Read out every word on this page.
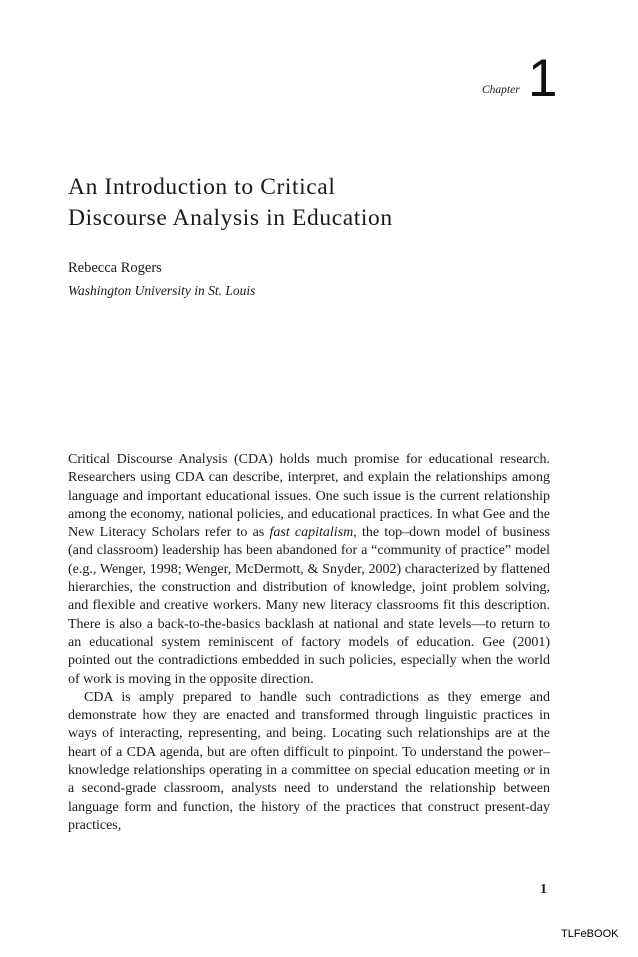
Chapter 1
An Introduction to Critical
Discourse Analysis in Education
Rebecca Rogers
Washington University in St. Louis

Critical Discourse Analysis (CDA) holds much promise for educational research. Researchers using CDA can describe, interpret, and explain the relationships among language and important educational issues. One such issue is the current relationship among the economy, national policies, and educational practices. In what Gee and the New Literacy Scholars refer to as fast capitalism, the top–down model of business (and classroom) leadership has been abandoned for a “community of practice” model (e.g., Wenger, 1998; Wenger, McDermott, & Snyder, 2002) characterized by flattened hierarchies, the construction and distribution of knowledge, joint problem solving, and flexible and creative workers. Many new literacy classrooms fit this description. There is also a back-to-the-basics backlash at national and state levels—to return to an educational system reminiscent of factory models of education. Gee (2001) pointed out the contradictions embedded in such policies, especially when the world of work is moving in the opposite direction.

CDA is amply prepared to handle such contradictions as they emerge and demonstrate how they are enacted and transformed through linguistic practices in ways of interacting, representing, and being. Locating such relationships are at the heart of a CDA agenda, but are often difficult to pinpoint. To understand the power–knowledge relationships operating in a committee on special education meeting or in a second-grade classroom, analysts need to understand the relationship between language form and function, the history of the practices that construct present-day practices,

1
TLFeBOOK
